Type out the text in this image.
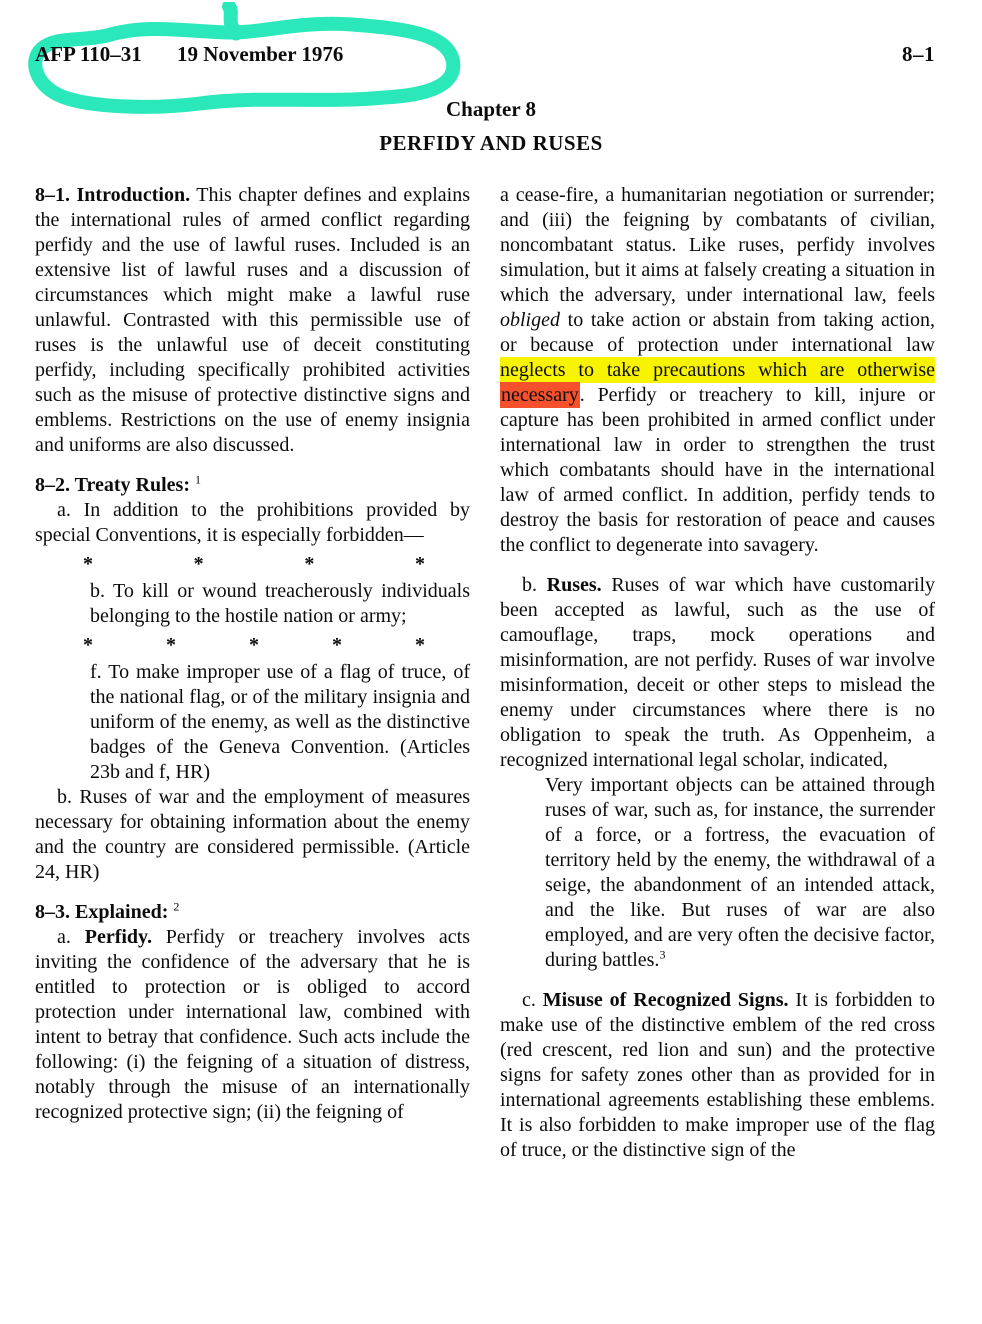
AFP 110–31 19 November 1976	8–1
Chapter 8
PERFIDY AND RUSES

8–1. Introduction. This chapter defines and explains the international rules of armed conflict regarding perfidy and the use of lawful ruses. Included is an extensive list of lawful ruses and a discussion of circumstances which might make a lawful ruse unlawful. Contrasted with this permissible use of ruses is the unlawful use of deceit constituting perfidy, including specifically prohibited activities such as the misuse of protective distinctive signs and emblems. Restrictions on the use of enemy insignia and uniforms are also discussed.

8–2. Treaty Rules: $^1$

a. In addition to the prohibitions provided by special Conventions, it is especially forbidden—

*	*	*	*

b. To kill or wound treacherously individuals belonging to the hostile nation or army;

*	*	*	*	*

f. To make improper use of a flag of truce, of the national flag, or of the military insignia and uniform of the enemy, as well as the distinctive badges of the Geneva Convention. (Articles 23b and f, HR)

b. Ruses of war and the employment of measures necessary for obtaining information about the enemy and the country are considered permissible. (Article 24, HR)

8–3. Explained: $^2$

a. Perfidy. Perfidy or treachery involves acts inviting the confidence of the adversary that he is entitled to protection or is obliged to accord protection under international law, combined with intent to betray that confidence. Such acts include the following: (i) the feigning of a situation of distress, notably through the misuse of an internationally recognized protective sign; (ii) the feigning of

a cease-fire, a humanitarian negotiation or surrender; and (iii) the feigning by combatants of civilian, noncombatant status. Like ruses, perfidy involves simulation, but it aims at falsely creating a situation in which the adversary, under international law, feels obliged to take action or abstain from taking action, or because of protection under international law neglects to take precautions which are otherwise necessary. Perfidy or treachery to kill, injure or capture has been prohibited in armed conflict under international law in order to strengthen the trust which combatants should have in the international law of armed conflict. In addition, perfidy tends to destroy the basis for restoration of peace and causes the conflict to degenerate into savagery.

b. Ruses. Ruses of war which have customarily been accepted as lawful, such as the use of camouflage, traps, mock operations and misinformation, are not perfidy. Ruses of war involve misinformation, deceit or other steps to mislead the enemy under circumstances where there is no obligation to speak the truth. As Oppenheim, a recognized international legal scholar, indicated,

Very important objects can be attained through ruses of war, such as, for instance, the surrender of a force, or a fortress, the evacuation of territory held by the enemy, the withdrawal of a seige, the abandonment of an intended attack, and the like. But ruses of war are also employed, and are very often the decisive factor, during battles.$^3$

c. Misuse of Recognized Signs. It is forbidden to make use of the distinctive emblem of the red cross (red crescent, red lion and sun) and the protective signs for safety zones other than as provided for in international agreements establishing these emblems. It is also forbidden to make improper use of the flag of truce, or the distinctive sign of the
